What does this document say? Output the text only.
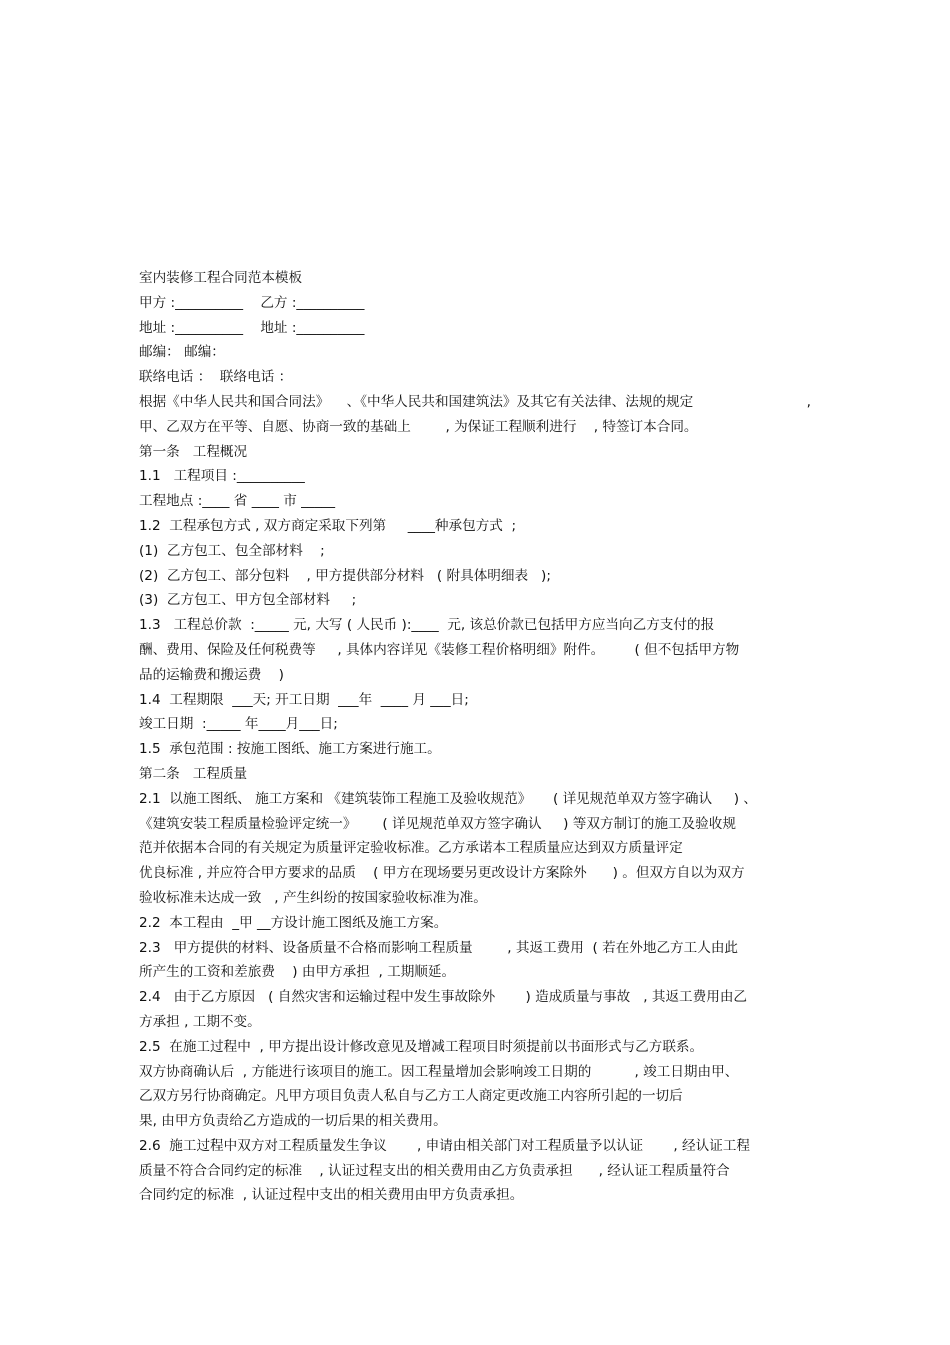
室内装修工程合同范本模板
甲方 :__________    乙方 :__________
地址 :__________    地址 :__________
邮编： 邮编：
联络电话 ：  联络电话 ：
根据《中华人民共和国合同法》    、《中华人民共和国建筑法》及其它有关法律、法规的规定	,
甲、乙双方在平等、自愿、协商一致的基础上        , 为保证工程顺利进行    , 特签订本合同。
第一条   工程概况
1.1   工程项目 :__________
工程地点 :____ 省 ____ 市 _____
1.2  工程承包方式 , 双方商定采取下列第     ____种承包方式  ;
(1)  乙方包工、包全部材料    ;
(2)  乙方包工、部分包料    , 甲方提供部分材料   ( 附具体明细表   );
(3)  乙方包工、甲方包全部材料     ;
1.3   工程总价款  :_____ 元, 大写 ( 人民币 ):____  元, 该总价款已包括甲方应当向乙方支付的报
酬、费用、保险及任何税费等     , 具体内容详见《装修工程价格明细》附件。       ( 但不包括甲方物
品的运输费和搬运费    )
1.4  工程期限  ___天; 开工日期  ___年  ____ 月 ___日;
竣工日期  :_____ 年____月___日;
1.5  承包范围 : 按施工图纸、施工方案进行施工。
第二条   工程质量
2.1  以施工图纸、 施工方案和 《建筑装饰工程施工及验收规范》     ( 详见规范单双方签字确认     ) 、
《建筑安装工程质量检验评定统一》      ( 详见规范单双方签字确认     ) 等双方制订的施工及验收规
范并依据本合同的有关规定为质量评定验收标准。乙方承诺本工程质量应达到双方质量评定
优良标准 , 并应符合甲方要求的品质    ( 甲方在现场要另更改设计方案除外      ) 。但双方自以为双方
验收标准未达成一致   , 产生纠纷的按国家验收标准为准。
2.2  本工程由  _甲 __方设计施工图纸及施工方案。
2.3   甲方提供的材料、设备质量不合格而影响工程质量        , 其返工费用  ( 若在外地乙方工人由此
所产生的工资和差旅费    ) 由甲方承担  , 工期顺延。
2.4   由于乙方原因   ( 自然灾害和运输过程中发生事故除外       ) 造成质量与事故   , 其返工费用由乙
方承担 , 工期不变。
2.5  在施工过程中  , 甲方提出设计修改意见及增减工程项目时须提前以书面形式与乙方联系。
双方协商确认后  , 方能进行该项目的施工。因工程量增加会影响竣工日期的          , 竣工日期由甲、
乙双方另行协商确定。凡甲方项目负责人私自与乙方工人商定更改施工内容所引起的一切后
果, 由甲方负责给乙方造成的一切后果的相关费用。
2.6  施工过程中双方对工程质量发生争议       , 申请由相关部门对工程质量予以认证       , 经认证工程
质量不符合合同约定的标准    , 认证过程支出的相关费用由乙方负责承担      , 经认证工程质量符合
合同约定的标准  , 认证过程中支出的相关费用由甲方负责承担。
